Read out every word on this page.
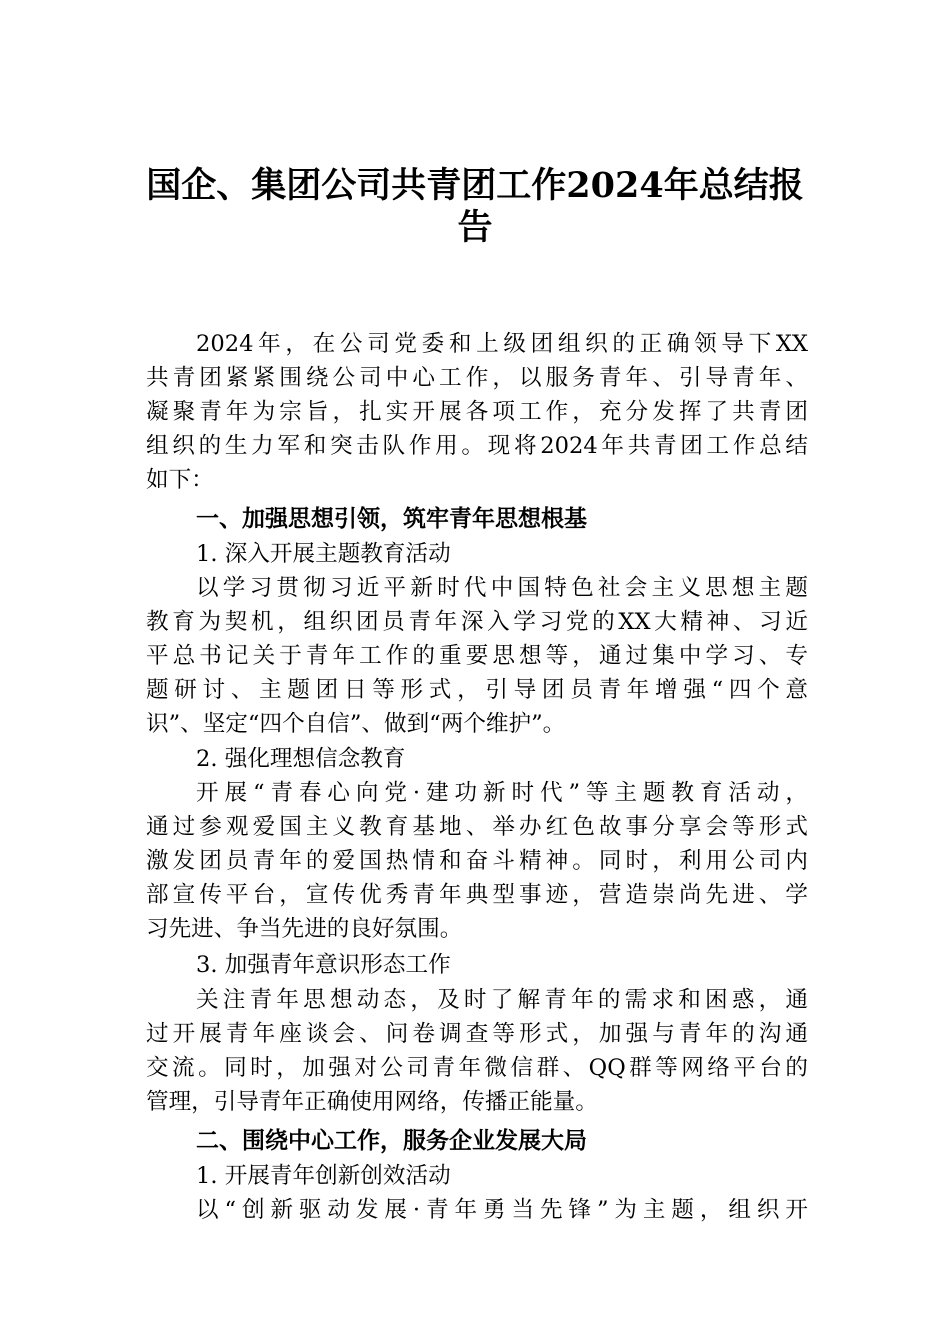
国企、集团公司共青团工作2024年总结报
告
2024年，在公司党委和上级团组织的正确领导下XX
共青团紧紧围绕公司中心工作，以服务青年、引导青年、
凝聚青年为宗旨，扎实开展各项工作，充分发挥了共青团
组织的生力军和突击队作用。现将2024年共青团工作总结
如下：
一、加强思想引领，筑牢青年思想根基
1. 深入开展主题教育活动
以学习贯彻习近平新时代中国特色社会主义思想主题
教育为契机，组织团员青年深入学习党的XX大精神、习近
平总书记关于青年工作的重要思想等，通过集中学习、专
题研讨、主题团日等形式，引导团员青年增强“四个意
识”、坚定“四个自信”、做到“两个维护”。
2. 强化理想信念教育
开展“青春心向党·建功新时代”等主题教育活动，
通过参观爱国主义教育基地、举办红色故事分享会等形式
激发团员青年的爱国热情和奋斗精神。同时，利用公司内
部宣传平台，宣传优秀青年典型事迹，营造崇尚先进、学
习先进、争当先进的良好氛围。
3. 加强青年意识形态工作
关注青年思想动态，及时了解青年的需求和困惑，通
过开展青年座谈会、问卷调查等形式，加强与青年的沟通
交流。同时，加强对公司青年微信群、QQ群等网络平台的
管理，引导青年正确使用网络，传播正能量。
二、围绕中心工作，服务企业发展大局
1. 开展青年创新创效活动
以“创新驱动发展·青年勇当先锋”为主题，组织开
